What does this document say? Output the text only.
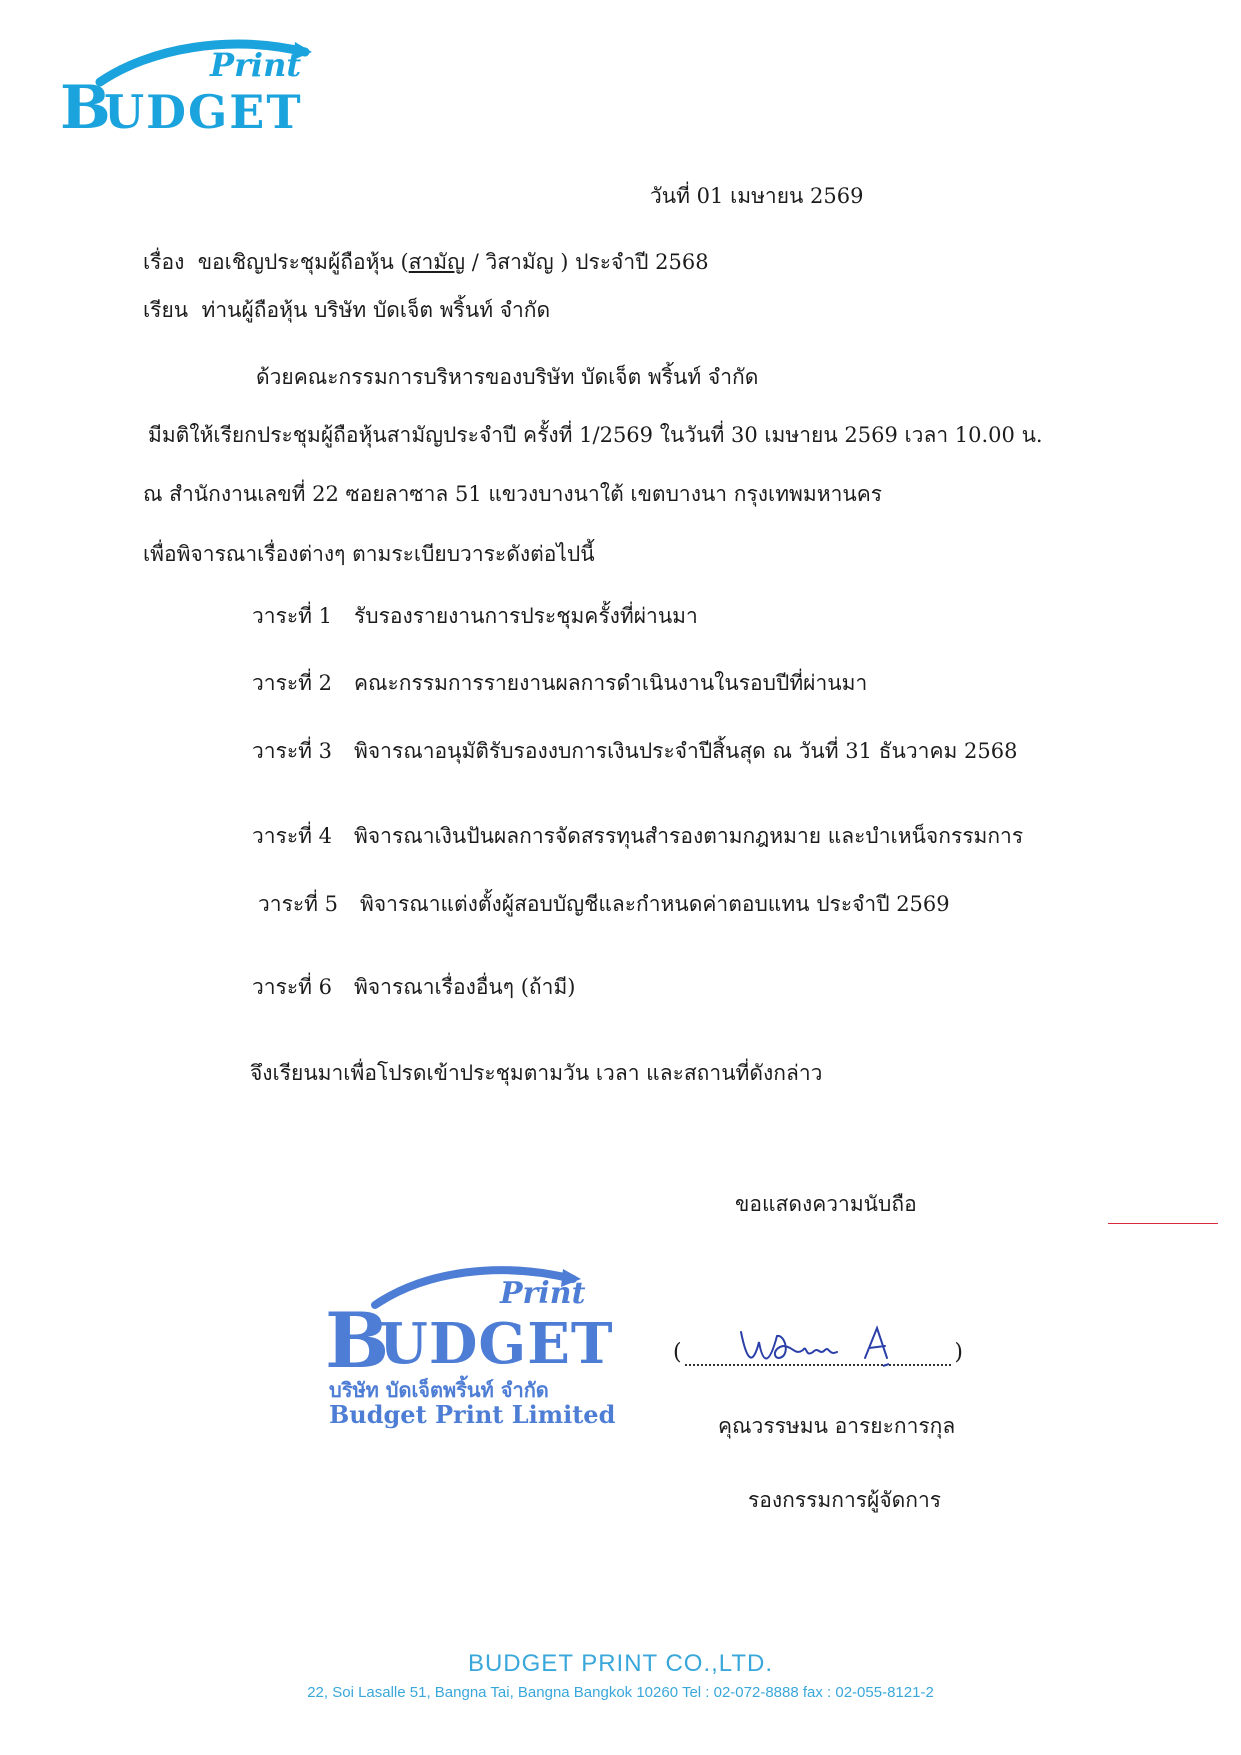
Print
B
UDGET
วันที่ 01 เมษายน 2569
เรื่อง ขอเชิญประชุมผู้ถือหุ้น (สามัญ / วิสามัญ ) ประจำปี 2568
เรียน ท่านผู้ถือหุ้น บริษัท บัดเจ็ต พริ้นท์ จำกัด
ด้วยคณะกรรมการบริหารของบริษัท บัดเจ็ต พริ้นท์ จำกัด
มีมติให้เรียกประชุมผู้ถือหุ้นสามัญประจำปี ครั้งที่ 1/2569 ในวันที่ 30 เมษายน 2569 เวลา 10.00 น.
ณ สำนักงานเลขที่ 22 ซอยลาซาล 51 แขวงบางนาใต้ เขตบางนา กรุงเทพมหานคร
เพื่อพิจารณาเรื่องต่างๆ ตามระเบียบวาระดังต่อไปนี้
วาระที่ 1	รับรองรายงานการประชุมครั้งที่ผ่านมา
วาระที่ 2	คณะกรรมการรายงานผลการดำเนินงานในรอบปีที่ผ่านมา
วาระที่ 3	พิจารณาอนุมัติรับรองงบการเงินประจำปีสิ้นสุด ณ วันที่ 31 ธันวาคม 2568
วาระที่ 4	พิจารณาเงินปันผลการจัดสรรทุนสำรองตามกฎหมาย และบำเหน็จกรรมการ
วาระที่ 5	พิจารณาแต่งตั้งผู้สอบบัญชีและกำหนดค่าตอบแทน ประจำปี 2569
วาระที่ 6	พิจารณาเรื่องอื่นๆ (ถ้ามี)
จึงเรียนมาเพื่อโปรดเข้าประชุมตามวัน เวลา และสถานที่ดังกล่าว
ขอแสดงความนับถือ
Print
B
UDGET
บริษัท บัดเจ็ตพริ้นท์ จำกัด
Budget Print Limited
(	)
คุณวรรษมน อารยะการกุล
รองกรรมการผู้จัดการ
BUDGET PRINT CO.,LTD.
22, Soi Lasalle 51, Bangna Tai, Bangna Bangkok 10260 Tel : 02-072-8888 fax : 02-055-8121-2
